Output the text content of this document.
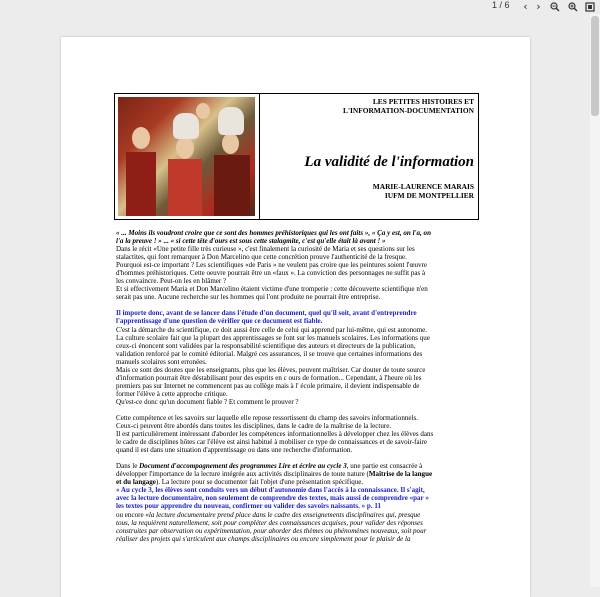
1 / 6	‹ ›
LES PETITES HISTOIRES ET
L'INFORMATION-DOCUMENTATION
La validité de l'information
MARIE-LAURENCE MARAIS
IUFM DE MONTPELLIER

« ... Moins ils voudront croire que ce sont des hommes préhistoriques qui les ont faits », « Ça y est, on l'a, on
l'a la preuve ! » ... « si cette tête d'ours est sous cette stalagmite, c'est qu'elle était là avant ! »

Dans le récit «Une petite fille très curieuse », c'est finalement la curiosité de Maria et ses questions sur les
stalactites, qui font remarquer à Don Marcelino que cette concrétion prouve l'authenticité de la fresque.
Pourquoi est-ce important ? Les scientifiques «de Paris » ne veulent pas croire que les peintures soient l'œuvre
d'hommes préhistoriques. Cette oeuvre pourrait être un «faux ». La conviction des personnages ne suffit pas à
les convaincre. Peut-on les en blâmer ?
Et si effectivement Maria et Don Marcelino étaient victime d'une tromperie : cette découverte scientifique n'en
serait pas une. Aucune recherche sur les hommes qui l'ont produite ne pourrait être entreprise.

Il importe donc, avant de se lancer dans l'étude d'un document, quel qu'il soit, avant d'entreprendre
l'apprentissage d'une question de vérifier que ce document est fiable.

C'est la démarche du scientifique, ce doit aussi être celle de celui qui apprend par lui-même, qui est autonome.
La culture scolaire fait que la plupart des apprentissages se font sur les manuels scolaires. Les informations que
ceux-ci énoncent sont validées par la responsabilité scientifique des auteurs et directeurs de la publication,
validation renforcé par le comité éditorial. Malgré ces assurances, il se trouve que certaines informations des
manuels scolaires sont erronées.
Mais ce sont des doutes que les enseignants, plus que les élèves, peuvent maîtriser. Car douter de toute source
d'information pourrait être déstabilisant pour des esprits en c ours de formation... Cependant, à l'heure où les
premiers pas sur Internet ne commencent pas au collège mais à l' école primaire, il devient indispensable de
former l'élève à cette approche critique.
Qu'est-ce donc qu'un document fiable ? Et comment le prouver ?

Cette compétence et les savoirs sur laquelle elle repose ressortissent du champ des savoirs informationnels.
Ceux-ci peuvent être abordés dans toutes les disciplines, dans le cadre de la maîtrise de la lecture.
Il est particulièrement intéressant d'aborder les compétences informationnelles à développer chez les élèves dans
le cadre de disciplines hôtes car l'élève est ainsi habitué à mobiliser ce type de connaissances et de savoir-faire
quand il est dans une situation d'apprentissage ou dans une recherche d'information.

Dans le Document d'accompagnement des programmes Lire et écrire au cycle 3, une partie est consacrée à
développer l'importance de la lecture intégrée aux activités disciplinaires de toute nature (Maîtrise de la langue
et du langage). La lecture pour se documenter fait l'objet d'une présentation spécifique.

« Au cycle 3, les élèves sont conduits vers un début d'autonomie dans l'accès à la connaissance. Il s'agit,
avec la lecture documentaire, non seulement de comprendre des textes, mais aussi de comprendre «par »
les textes pour apprendre du nouveau, confirmer ou valider des savoirs naissants. » p. 11

ou encore «la lecture documentaire prend place dans le cadre des enseignements disciplinaires qui, presque
tous, la requièrent naturellement, soit pour compléter des connaissances acquises, pour valider des réponses
construites par observation ou expérimentation, pour aborder des thèmes ou phénomènes nouveaux, soit pour
réaliser des projets qui s'articulent aux champs disciplinaires ou encore simplement pour le plaisir de la
